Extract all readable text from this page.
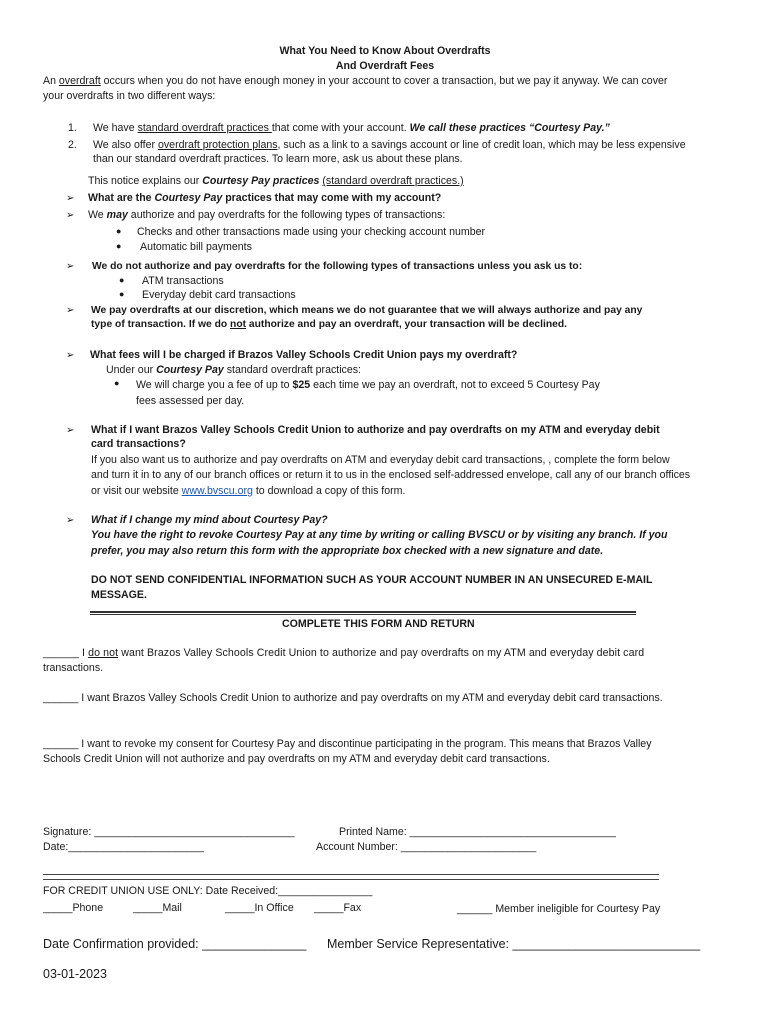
What You Need to Know About Overdrafts
And Overdraft Fees
An overdraft occurs when you do not have enough money in your account to cover a transaction, but we pay it anyway. We can cover
your overdrafts in two different ways:
1. We have standard overdraft practices that come with your account. We call these practices “Courtesy Pay.”
2. We also offer overdraft protection plans, such as a link to a savings account or line of credit loan, which may be less expensive
than our standard overdraft practices. To learn more, ask us about these plans.
This notice explains our Courtesy Pay practices (standard overdraft practices.)
➢ What are the Courtesy Pay practices that may come with my account?
➢ We may authorize and pay overdrafts for the following types of transactions:
● Checks and other transactions made using your checking account number
● Automatic bill payments
➢ We do not authorize and pay overdrafts for the following types of transactions unless you ask us to:
● ATM transactions
● Everyday debit card transactions
➢ We pay overdrafts at our discretion, which means we do not guarantee that we will always authorize and pay any
type of transaction. If we do not authorize and pay an overdraft, your transaction will be declined.
➢ What fees will I be charged if Brazos Valley Schools Credit Union pays my overdraft?
Under our Courtesy Pay standard overdraft practices:
● We will charge you a fee of up to $25 each time we pay an overdraft, not to exceed 5 Courtesy Pay
fees assessed per day.
➢ What if I want Brazos Valley Schools Credit Union to authorize and pay overdrafts on my ATM and everyday debit
card transactions?
If you also want us to authorize and pay overdrafts on ATM and everyday debit card transactions, , complete the form below
and turn it in to any of our branch offices or return it to us in the enclosed self-addressed envelope, call any of our branch offices
or visit our website www.bvscu.org to download a copy of this form.
➢ What if I change my mind about Courtesy Pay?
You have the right to revoke Courtesy Pay at any time by writing or calling BVSCU or by visiting any branch. If you
prefer, you may also return this form with the appropriate box checked with a new signature and date.
DO NOT SEND CONFIDENTIAL INFORMATION SUCH AS YOUR ACCOUNT NUMBER IN AN UNSECURED E-MAIL
MESSAGE.
COMPLETE THIS FORM AND RETURN
______ I do not want Brazos Valley Schools Credit Union to authorize and pay overdrafts on my ATM and everyday debit card
transactions.
______ I want Brazos Valley Schools Credit Union to authorize and pay overdrafts on my ATM and everyday debit card transactions.
______ I want to revoke my consent for Courtesy Pay and discontinue participating in the program. This means that Brazos Valley
Schools Credit Union will not authorize and pay overdrafts on my ATM and everyday debit card transactions.
Signature: __________________________________	Printed Name: ___________________________________
Date:_______________________	Account Number: _______________________
FOR CREDIT UNION USE ONLY: Date Received:________________
_____Phone	_____Mail	_____In Office _____Fax	______ Member ineligible for Courtesy Pay
Date Confirmation provided: _______________ Member Service Representative: ___________________________
03-01-2023
